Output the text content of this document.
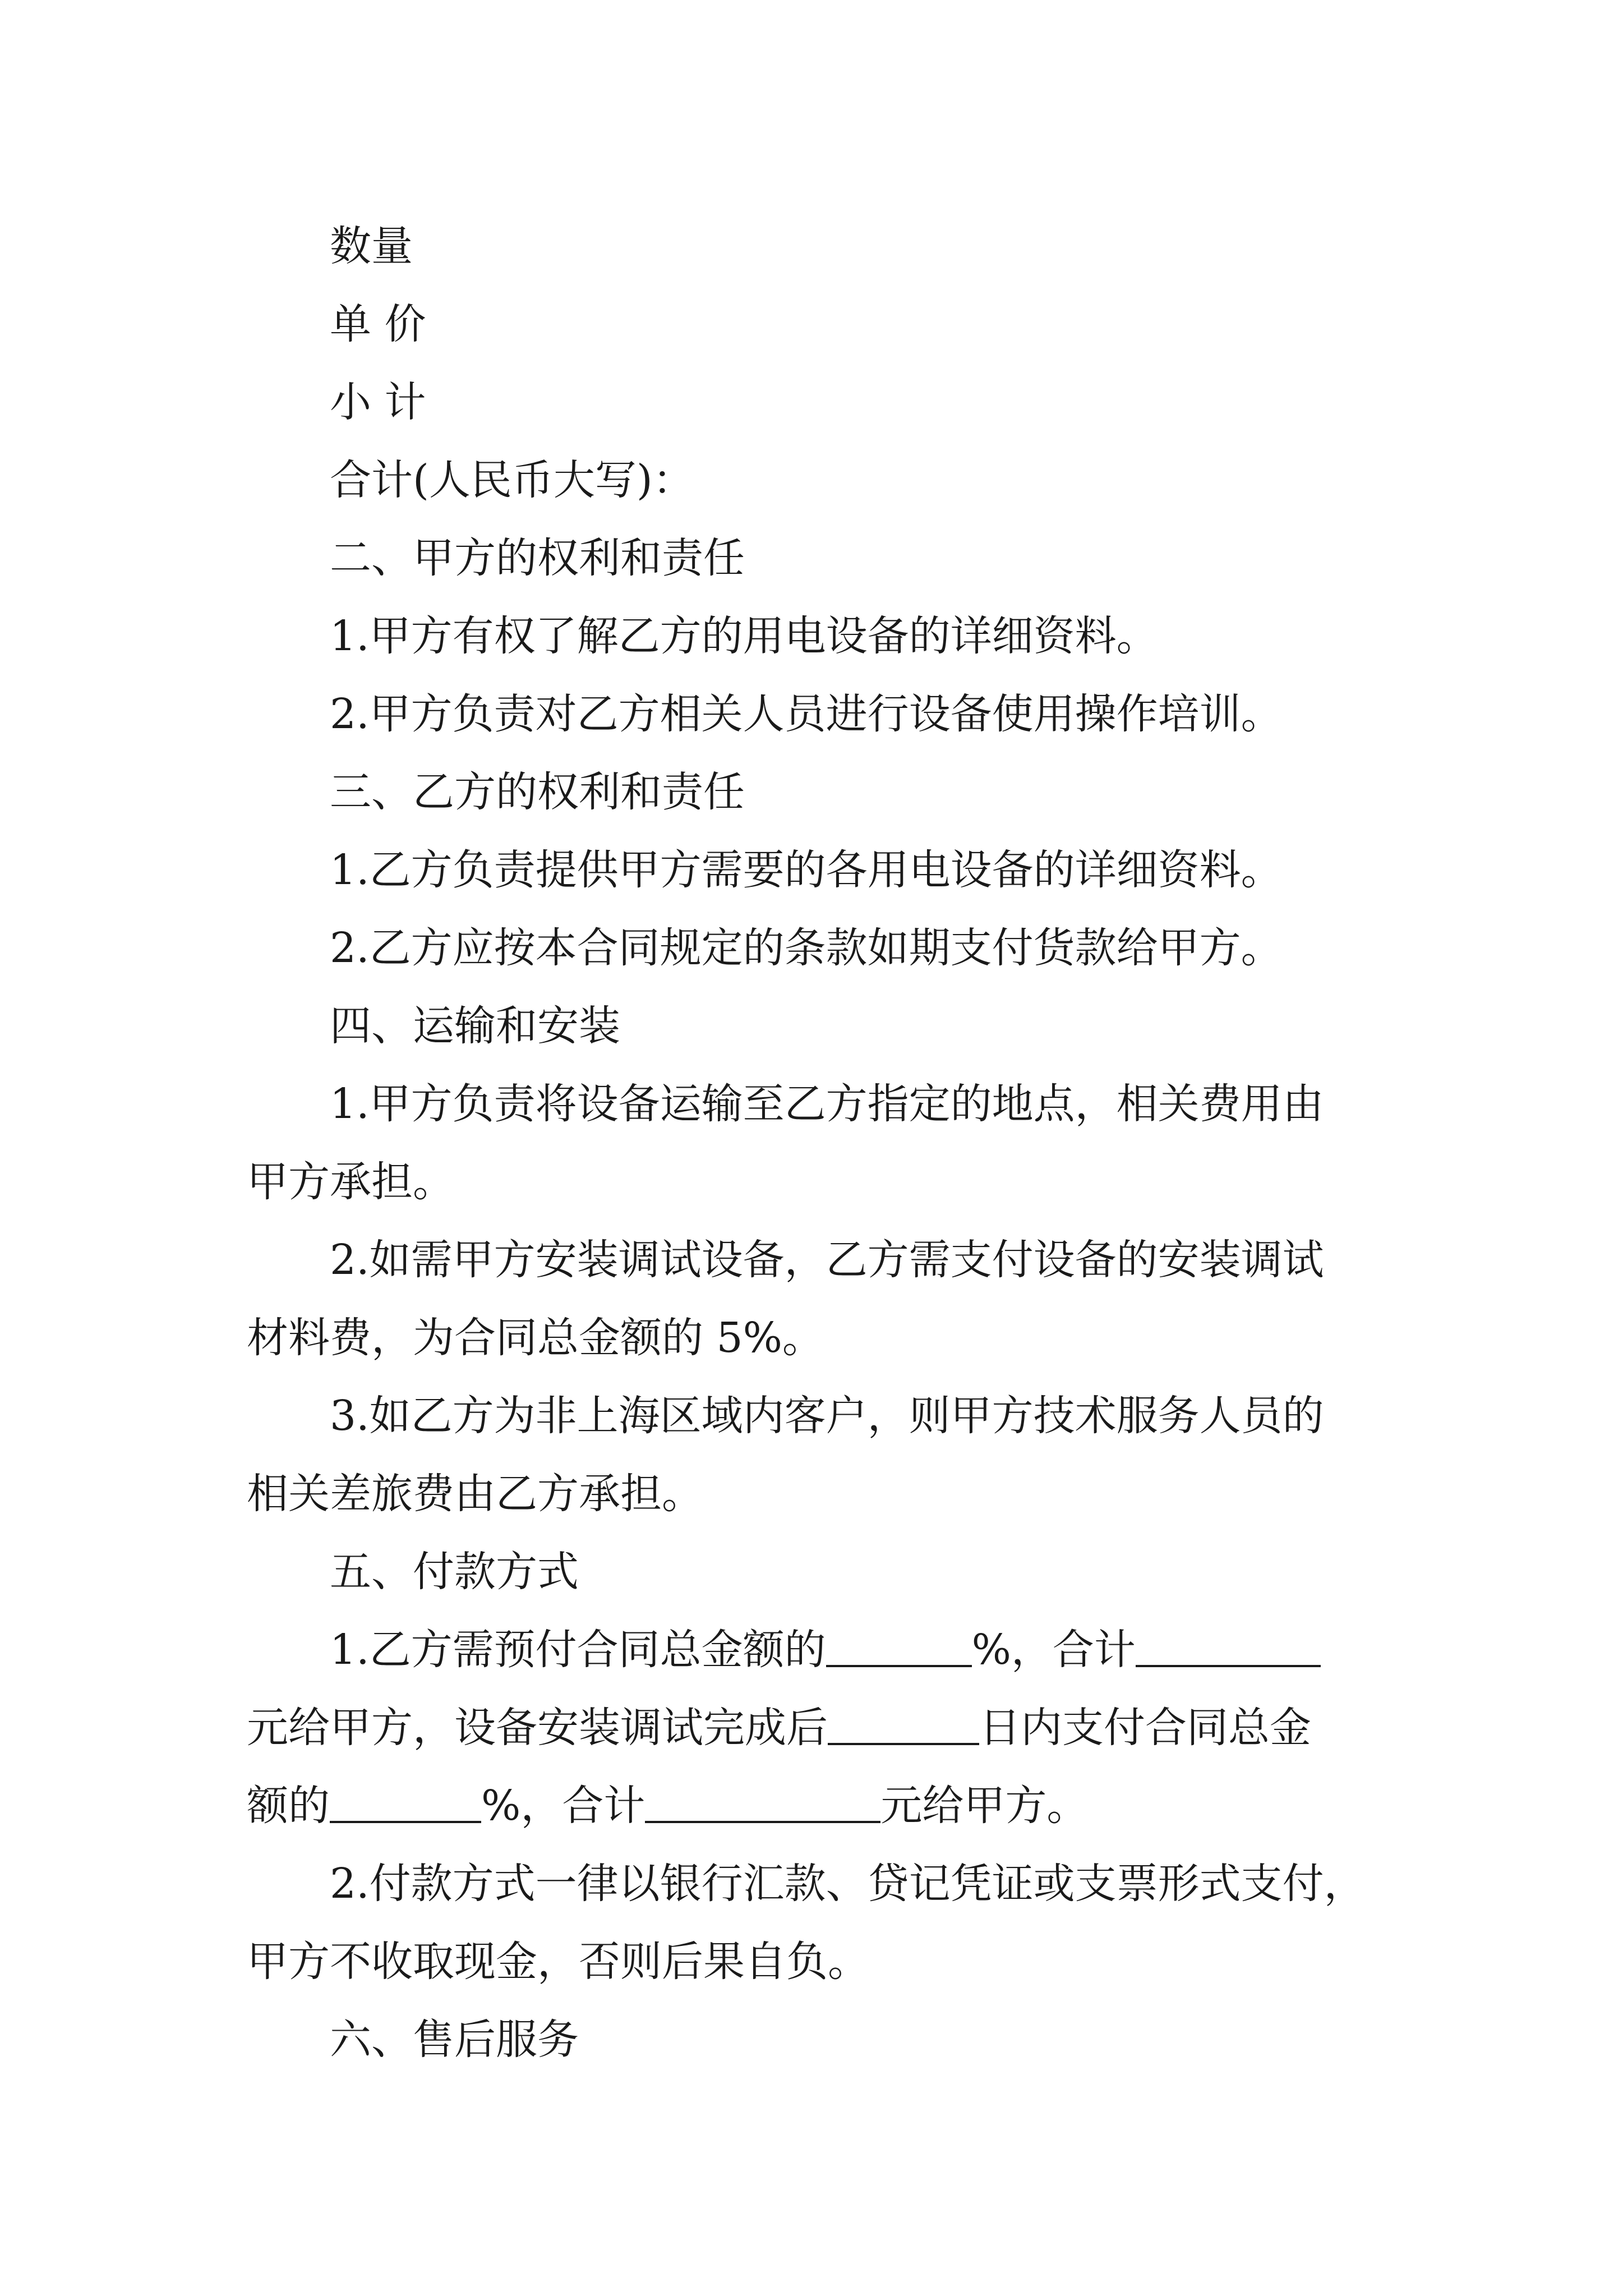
数量
单 价
小 计
合计(人民币大写)：
二、甲方的权利和责任
1.甲方有权了解乙方的用电设备的详细资料。
2.甲方负责对乙方相关人员进行设备使用操作培训。
三、乙方的权利和责任
1.乙方负责提供甲方需要的各用电设备的详细资料。
2.乙方应按本合同规定的条款如期支付货款给甲方。
四、运输和安装
1.甲方负责将设备运输至乙方指定的地点，相关费用由
甲方承担。
2.如需甲方安装调试设备，乙方需支付设备的安装调试
材料费，为合同总金额的 5%。
3.如乙方为非上海区域内客户，则甲方技术服务人员的
相关差旅费由乙方承担。
五、付款方式
1.乙方需预付合同总金额的	%，合计
元给甲方，设备安装调试完成后	日内支付合同总金
额的	%，合计	元给甲方。
2.付款方式一律以银行汇款、贷记凭证或支票形式支付，
甲方不收取现金，否则后果自负。
六、售后服务
